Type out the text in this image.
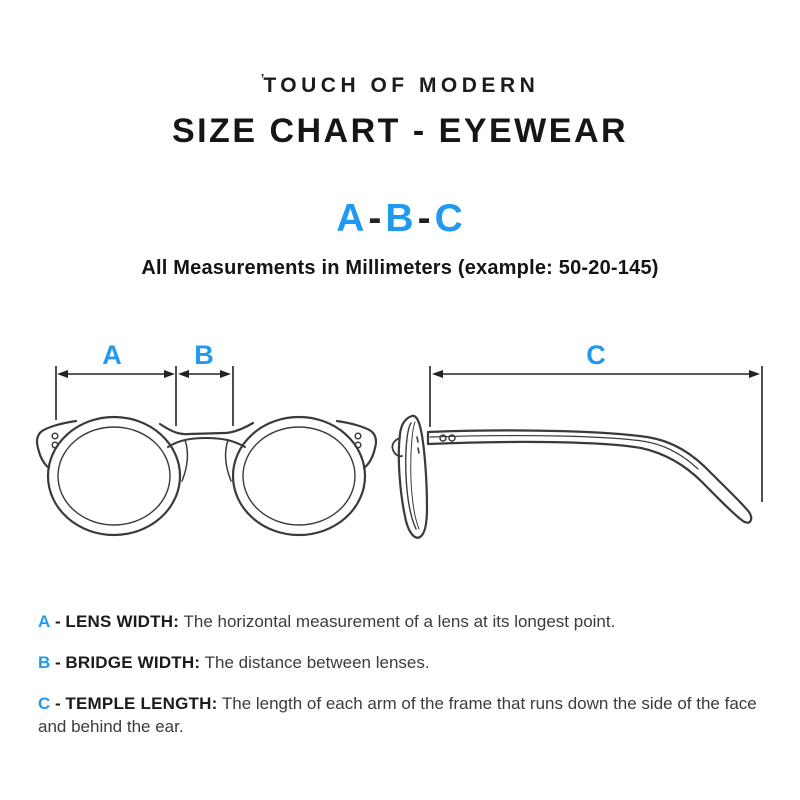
$^ʼ$TOUCH OF MODERN
SIZE CHART - EYEWEAR
A-B-C
All Measurements in Millimeters (example: 50-20-145)
A	B	C

A - LENS WIDTH: The horizontal measurement of a lens at its longest point.

B - BRIDGE WIDTH: The distance between lenses.

C - TEMPLE LENGTH: The length of each arm of the frame that runs down the side of the face and behind the ear.
